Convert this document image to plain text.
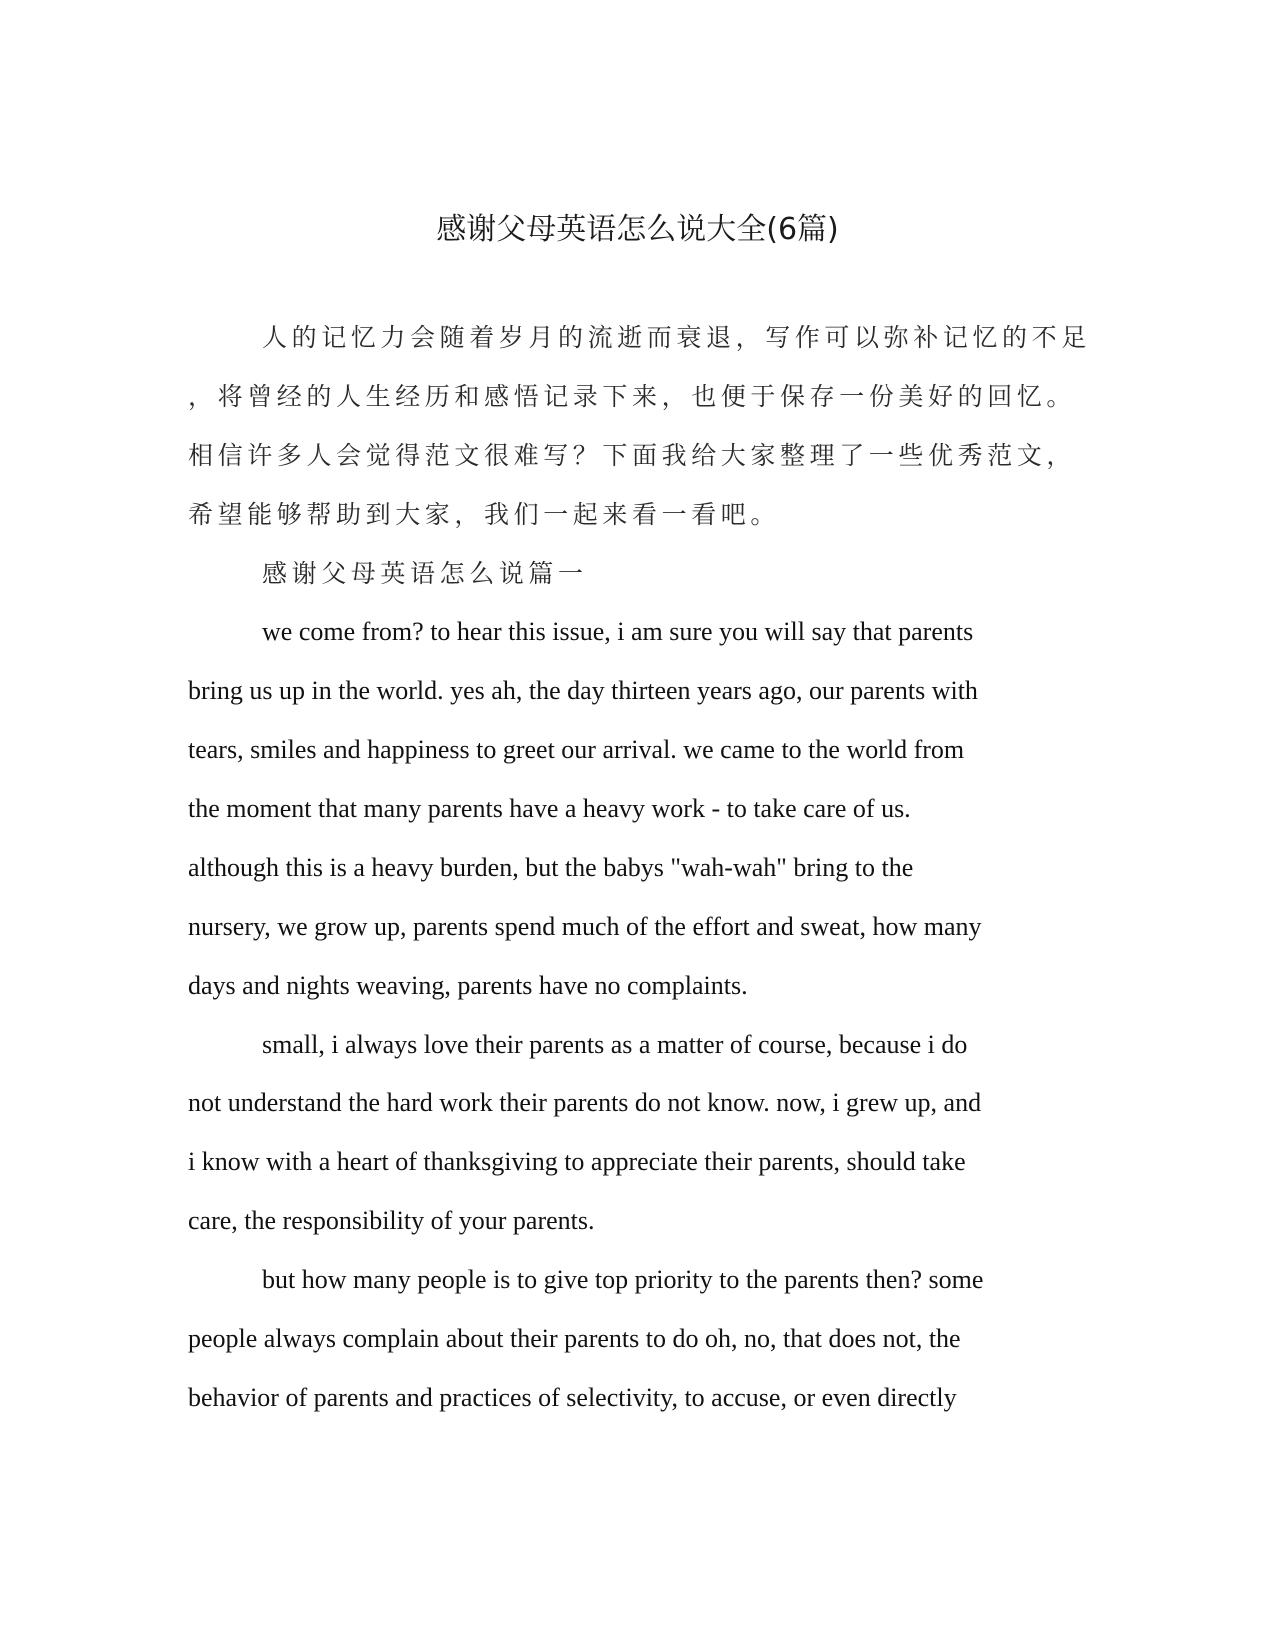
感谢父母英语怎么说大全(6篇)

人的记忆力会随着岁月的流逝而衰退，写作可以弥补记忆的不足

，将曾经的人生经历和感悟记录下来，也便于保存一份美好的回忆。

相信许多人会觉得范文很难写？下面我给大家整理了一些优秀范文，

希望能够帮助到大家，我们一起来看一看吧。

感谢父母英语怎么说篇一

we come from? to hear this issue, i am sure you will say that parents

bring us up in the world. yes ah, the day thirteen years ago, our parents with

tears, smiles and happiness to greet our arrival. we came to the world from

the moment that many parents have a heavy work - to take care of us.

although this is a heavy burden, but the babys "wah-wah" bring to the

nursery, we grow up, parents spend much of the effort and sweat, how many

days and nights weaving, parents have no complaints.

small, i always love their parents as a matter of course, because i do

not understand the hard work their parents do not know. now, i grew up, and

i know with a heart of thanksgiving to appreciate their parents, should take

care, the responsibility of your parents.

but how many people is to give top priority to the parents then? some

people always complain about their parents to do oh, no, that does not, the

behavior of parents and practices of selectivity, to accuse, or even directly
